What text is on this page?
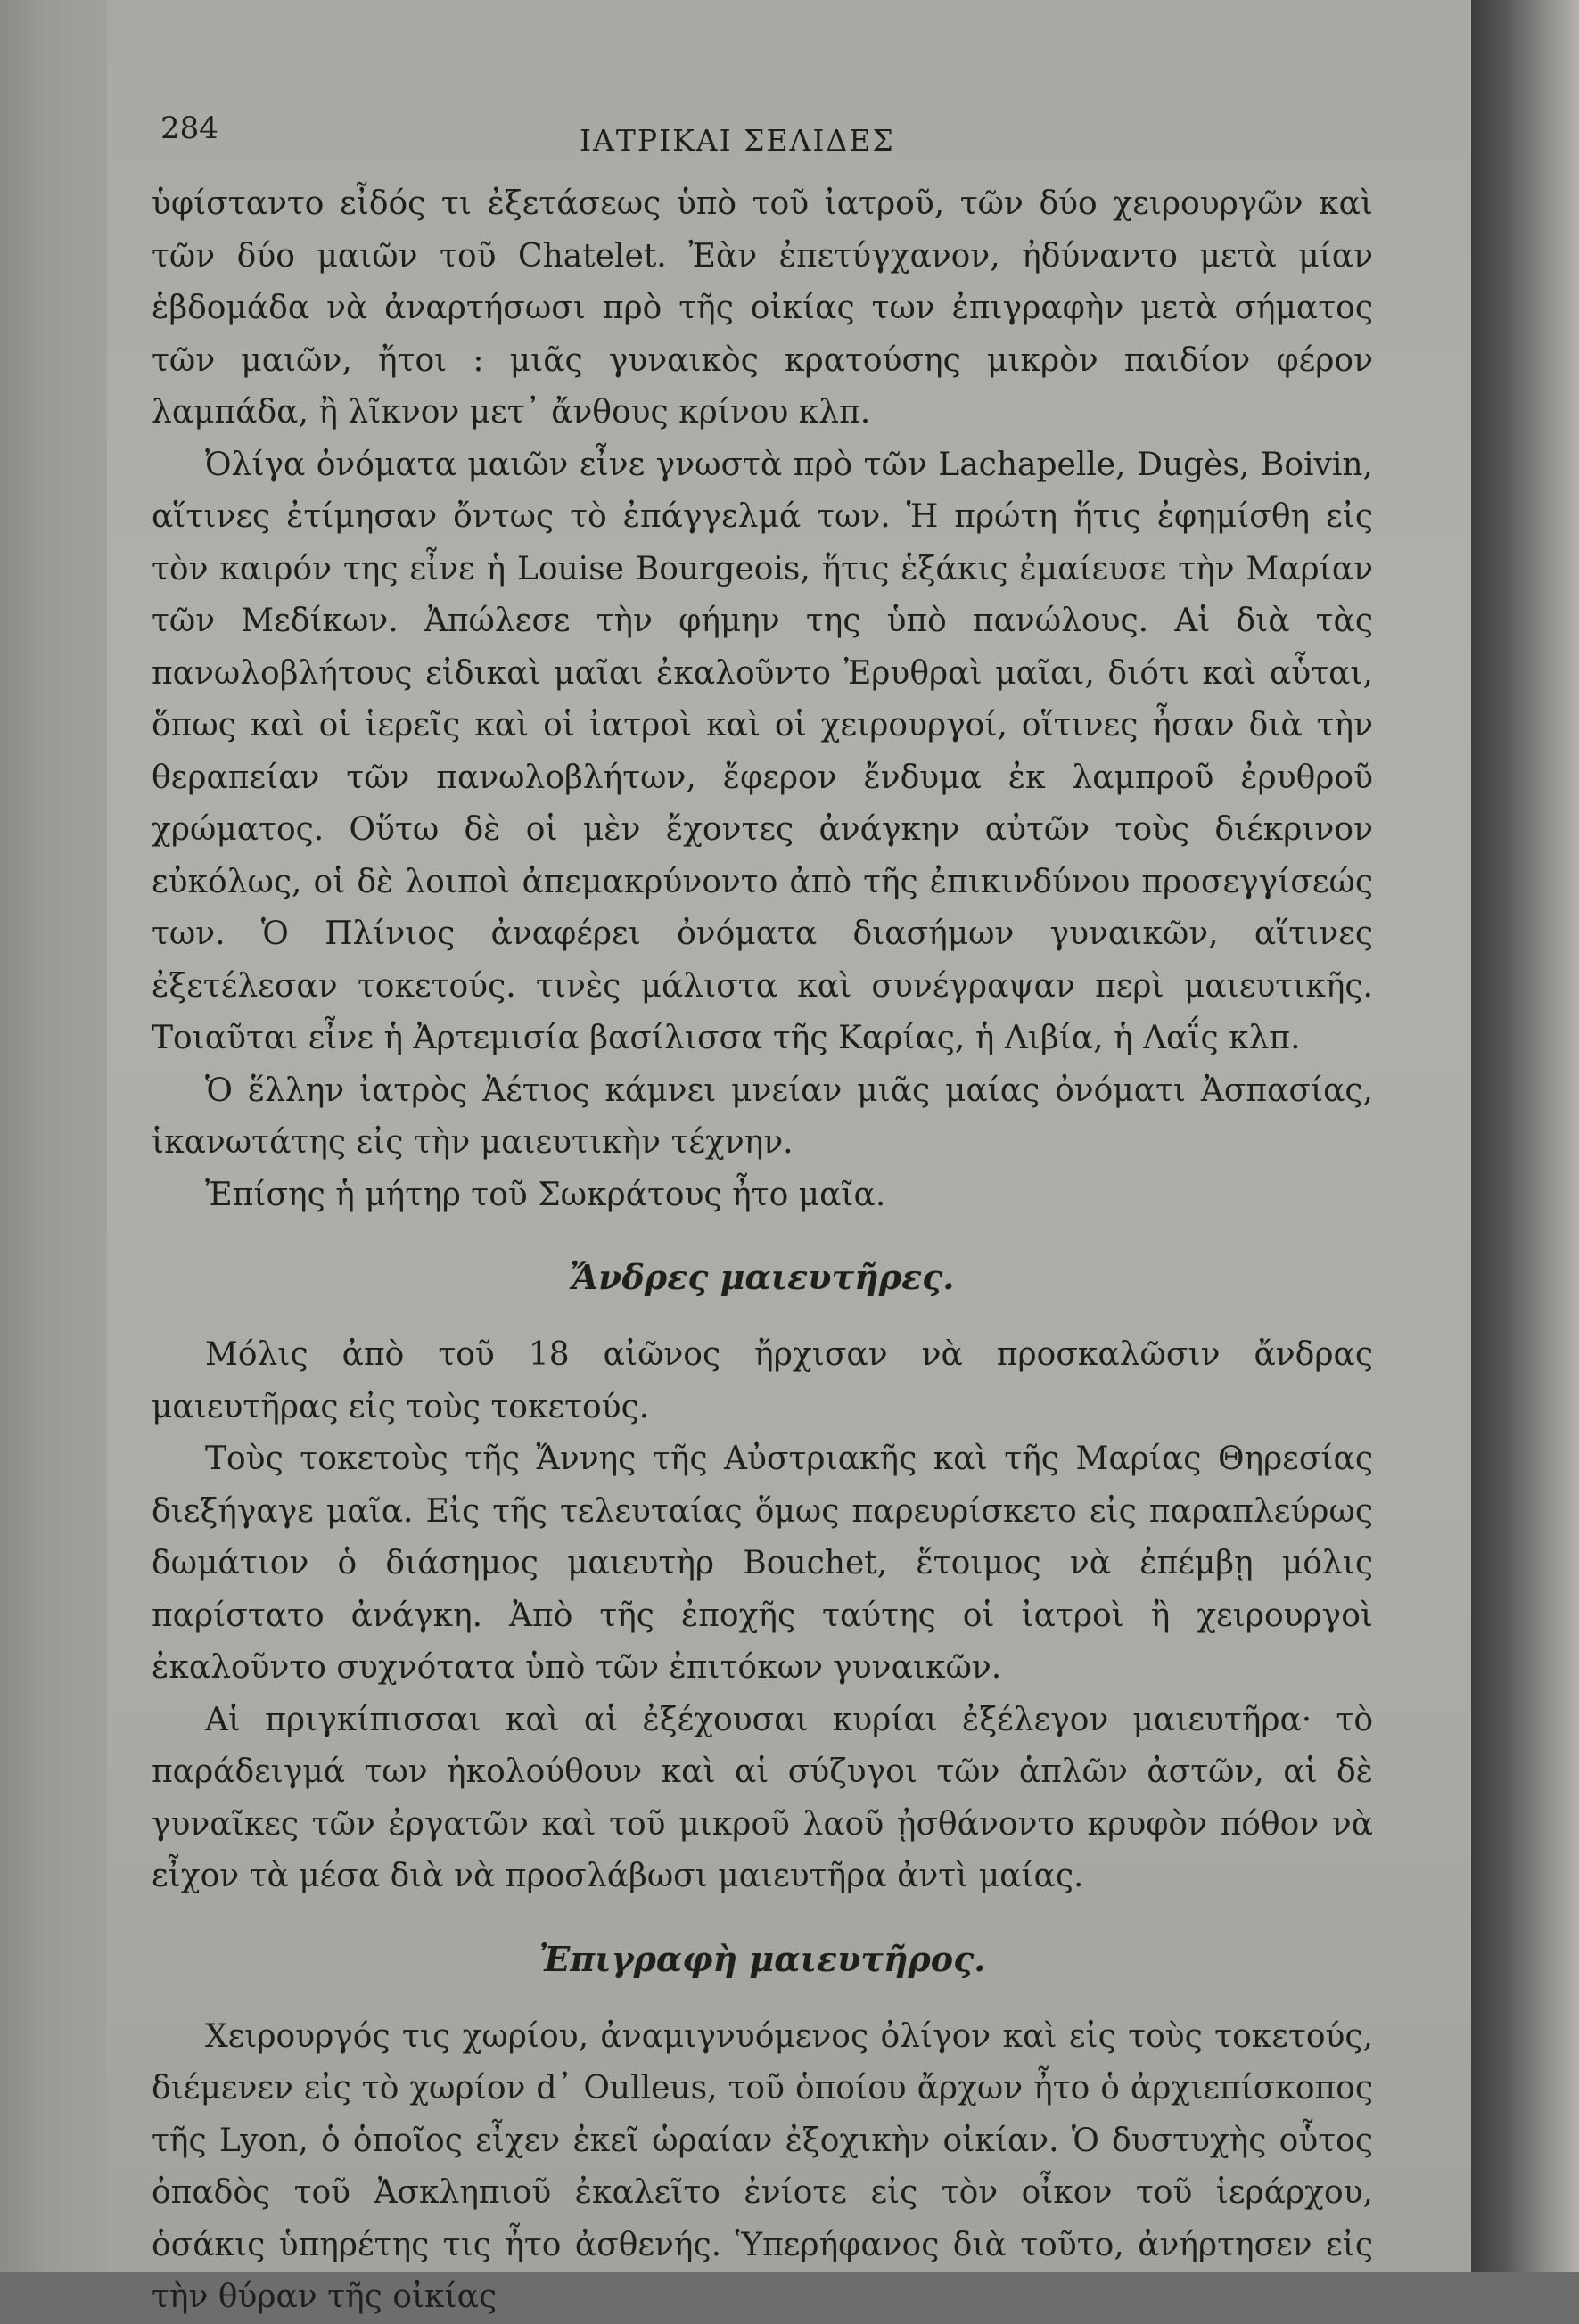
284	ΙΑΤΡΙΚΑΙ ΣΕΛΙΔΕΣ

ὑφίσταντο εἶδός τι ἐξετάσεως ὑπὸ τοῦ ἰατροῦ, τῶν δύο χειρουργῶν καὶ τῶν δύο μαιῶν τοῦ Chatelet. Ἐὰν ἐπετύγχανον, ἠδύναντο μετὰ μίαν ἑβδομάδα νὰ ἀναρτήσωσι πρὸ τῆς οἰκίας των ἐπιγραφὴν μετὰ σήματος τῶν μαιῶν, ἤτοι : μιᾶς γυναικὸς κρατούσης μικρὸν παιδίον φέρον λαμπάδα, ἢ λῖκνον μετ᾽ ἄνθους κρίνου κλπ.

Ὀλίγα ὀνόματα μαιῶν εἶνε γνωστὰ πρὸ τῶν Lachapelle, Dugès, Boivin, αἵτινες ἐτίμησαν ὄντως τὸ ἐπάγγελμά των. Ἡ πρώτη ἥτις ἐφημίσθη εἰς τὸν καιρόν της εἶνε ἡ Louise Bourgeois, ἥτις ἑξάκις ἐμαίευσε τὴν Μαρίαν τῶν Μεδίκων. Ἀπώλεσε τὴν φήμην της ὑπὸ πανώλους. Αἱ διὰ τὰς πανωλοβλήτους εἰδικαὶ μαῖαι ἐκαλοῦντο Ἐρυθραὶ μαῖαι, διότι καὶ αὗται, ὅπως καὶ οἱ ἱερεῖς καὶ οἱ ἰατροὶ καὶ οἱ χειρουργοί, οἵτινες ἦσαν διὰ τὴν θεραπείαν τῶν πανωλοβλήτων, ἔφερον ἔνδυμα ἐκ λαμπροῦ ἐρυθροῦ χρώματος. Οὕτω δὲ οἱ μὲν ἔχοντες ἀνάγκην αὐτῶν τοὺς διέκρινον εὐκόλως, οἱ δὲ λοιποὶ ἀπεμακρύνοντο ἀπὸ τῆς ἐπικινδύνου προσεγγίσεώς των. Ὁ Πλίνιος ἀναφέρει ὀνόματα διασήμων γυναικῶν, αἵτινες ἐξετέλεσαν τοκετούς. τινὲς μάλιστα καὶ συνέγραψαν περὶ μαιευτικῆς. Τοιαῦται εἶνε ἡ Ἀρτεμισία βασίλισσα τῆς Καρίας, ἡ Λιβία, ἡ Λαΐς κλπ.

Ὁ ἕλλην ἰατρὸς Ἀέτιος κάμνει μνείαν μιᾶς μαίας ὀνόματι Ἀσπασίας, ἱκανωτάτης εἰς τὴν μαιευτικὴν τέχνην.

Ἐπίσης ἡ μήτηρ τοῦ Σωκράτους ἦτο μαῖα.

Ἄνδρες μαιευτῆρες.

Μόλις ἀπὸ τοῦ 18 αἰῶνος ἤρχισαν νὰ προσκαλῶσιν ἄνδρας μαιευτῆρας εἰς τοὺς τοκετούς.

Τοὺς τοκετοὺς τῆς Ἄννης τῆς Αὐστριακῆς καὶ τῆς Μαρίας Θηρεσίας διεξήγαγε μαῖα. Εἰς τῆς τελευταίας ὅμως παρευρίσκετο εἰς παραπλεύρως δωμάτιον ὁ διάσημος μαιευτὴρ Bouchet, ἕτοιμος νὰ ἐπέμβῃ μόλις παρίστατο ἀνάγκη. Ἀπὸ τῆς ἐποχῆς ταύτης οἱ ἰατροὶ ἢ χειρουργοὶ ἐκαλοῦντο συχνότατα ὑπὸ τῶν ἐπιτόκων γυναικῶν.

Αἱ πριγκίπισσαι καὶ αἱ ἐξέχουσαι κυρίαι ἐξέλεγον μαιευτῆρα· τὸ παράδειγμά των ἠκολούθουν καὶ αἱ σύζυγοι τῶν ἁπλῶν ἀστῶν, αἱ δὲ γυναῖκες τῶν ἐργατῶν καὶ τοῦ μικροῦ λαοῦ ᾐσθάνοντο κρυφὸν πόθον νὰ εἶχον τὰ μέσα διὰ νὰ προσλάβωσι μαιευτῆρα ἀντὶ μαίας.

Ἐπιγραφὴ μαιευτῆρος.

Χειρουργός τις χωρίου, ἀναμιγνυόμενος ὀλίγον καὶ εἰς τοὺς τοκετούς, διέμενεν εἰς τὸ χωρίον d᾽ Oulleus, τοῦ ὁποίου ἄρχων ἦτο ὁ ἀρχιεπίσκοπος τῆς Lyon, ὁ ὁποῖος εἶχεν ἐκεῖ ὡραίαν ἐξοχικὴν οἰκίαν. Ὁ δυστυχὴς οὗτος ὀπαδὸς τοῦ Ἀσκληπιοῦ ἐκαλεῖτο ἐνίοτε εἰς τὸν οἶκον τοῦ ἱεράρχου, ὁσάκις ὑπηρέτης τις ἦτο ἀσθενής. Ὑπερήφανος διὰ τοῦτο, ἀνήρτησεν εἰς τὴν θύραν τῆς οἰκίας
